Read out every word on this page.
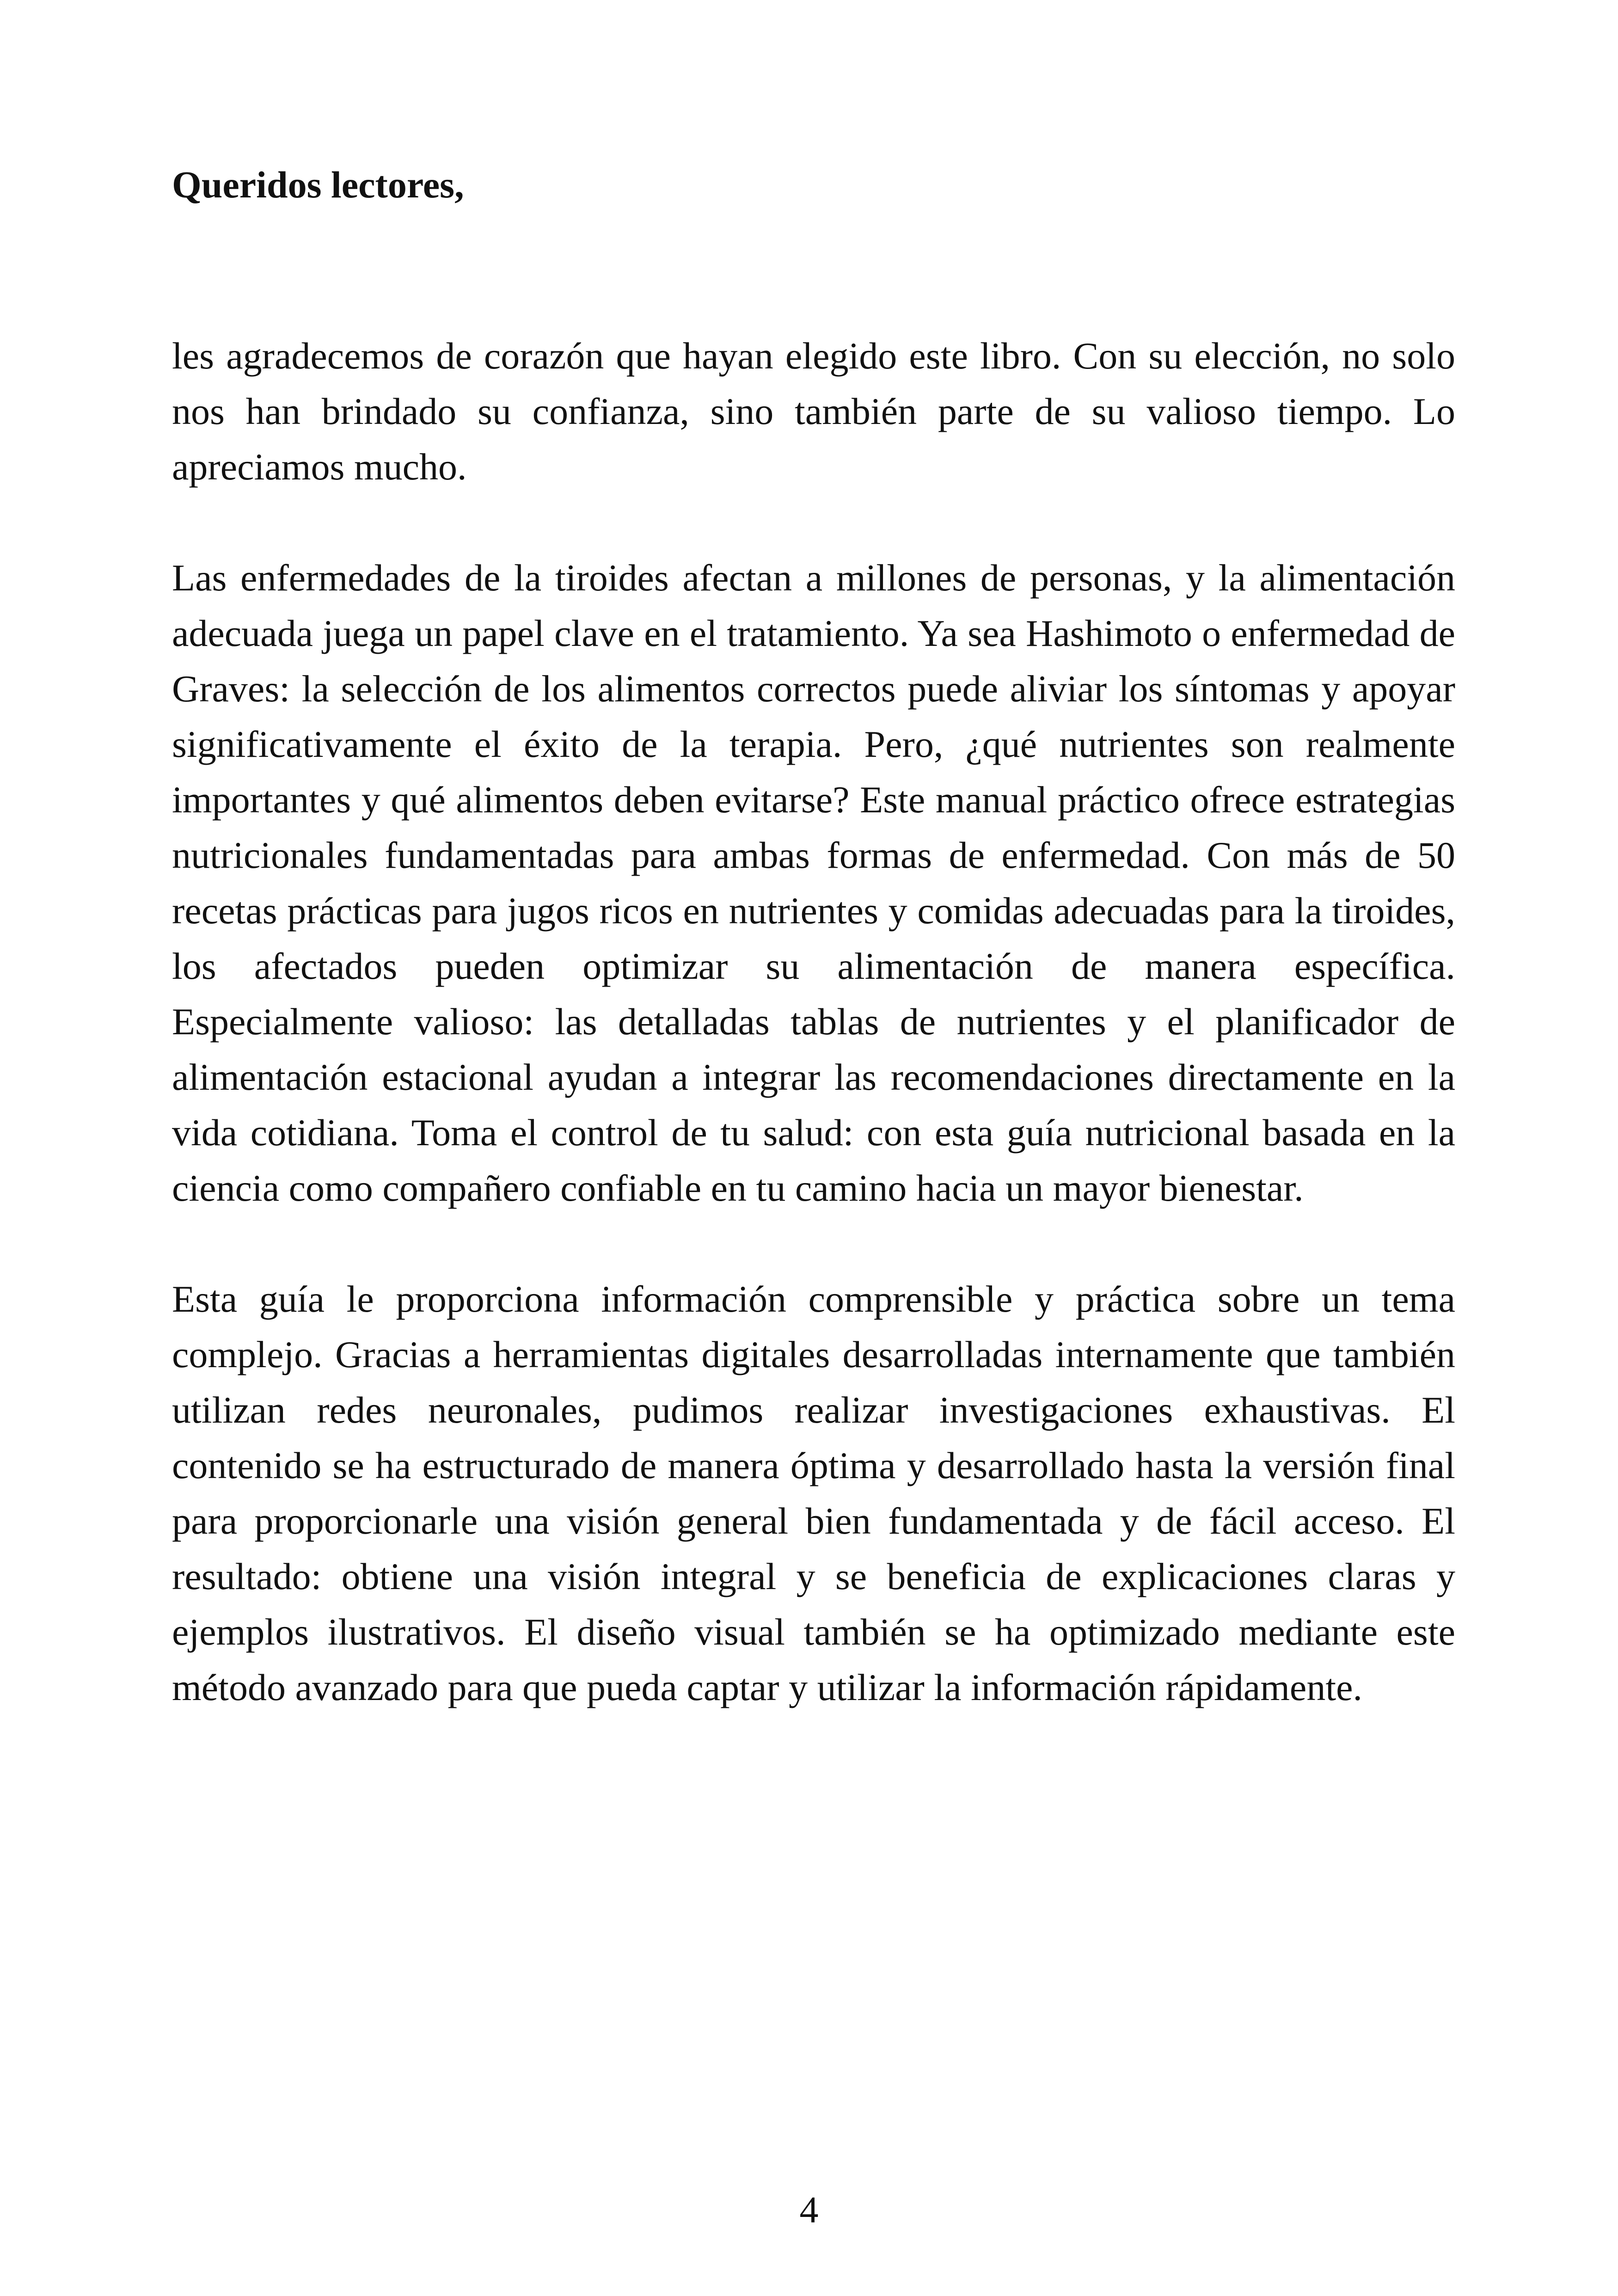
Queridos lectores,

les agradecemos de corazón que hayan elegido este libro. Con su elección, no solo nos han brindado su confianza, sino también parte de su valioso tiempo. Lo apreciamos mucho.

Las enfermedades de la tiroides afectan a millones de personas, y la alimentación adecuada juega un papel clave en el tratamiento. Ya sea Hashimoto o enfermedad de Graves: la selección de los alimentos correctos puede aliviar los síntomas y apoyar significativamente el éxito de la terapia. Pero, ¿qué nutrientes son realmente importantes y qué alimentos deben evitarse? Este manual práctico ofrece estrategias nutricionales fundamentadas para ambas formas de enfermedad. Con más de 50 recetas prácticas para jugos ricos en nutrientes y comidas adecuadas para la tiroides, los afectados pueden optimizar su alimentación de manera específica. Especialmente valioso: las detalladas tablas de nutrientes y el planificador de alimentación estacional ayudan a integrar las recomendaciones directamente en la vida cotidiana. Toma el control de tu salud: con esta guía nutricional basada en la ciencia como compañero confiable en tu camino hacia un mayor bienestar.

Esta guía le proporciona información comprensible y práctica sobre un tema complejo. Gracias a herramientas digitales desarrolladas internamente que también utilizan redes neuronales, pudimos realizar investigaciones exhaustivas. El contenido se ha estructurado de manera óptima y desarrollado hasta la versión final para proporcionarle una visión general bien fundamentada y de fácil acceso. El resultado: obtiene una visión integral y se beneficia de explicaciones claras y ejemplos ilustrativos. El diseño visual también se ha optimizado mediante este método avanzado para que pueda captar y utilizar la información rápidamente.

4
